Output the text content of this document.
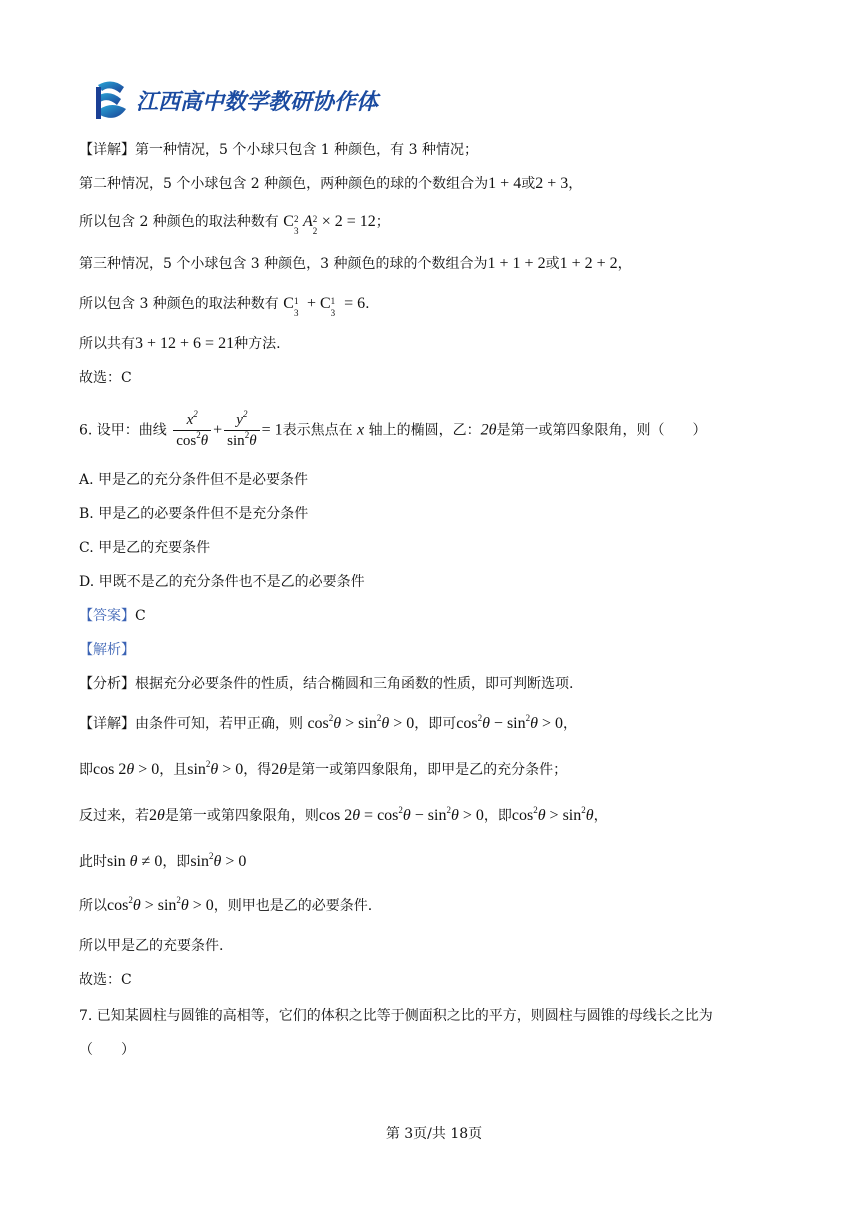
江西高中数学教研协作体
【详解】第一种情况，5 个小球只包含 1 种颜色，有 3 种情况；
第二种情况，5 个小球包含 2 种颜色，两种颜色的球的个数组合为1 + 4或2 + 3，
所以包含 2 种颜色的取法种数有 C 2
3
A 2
2
× 2 = 12；
第三种情况，5 个小球包含 3 种颜色，3 种颜色的球的个数组合为1 + 1 + 2或1 + 2 + 2，
所以包含 3 种颜色的取法种数有 C 1
3
+ C 1
3
= 6.
所以共有3 + 12 + 6 = 21种方法.
故选：C
6. 设甲：曲线 $\frac{x^2}{\cos^2\theta} + \frac{y^2}{\sin^2\theta} = 1$表示焦点在 x 轴上的椭圆，乙：2θ是第一或第四象限角，则（　　）
A. 甲是乙的充分条件但不是必要条件
B. 甲是乙的必要条件但不是充分条件
C. 甲是乙的充要条件
D. 甲既不是乙的充分条件也不是乙的必要条件
【答案】C
【解析】
【分析】根据充分必要条件的性质，结合椭圆和三角函数的性质，即可判断选项.
【详解】由条件可知，若甲正确，则 $\cos^2\theta > \sin^2\theta > 0$，即可$\cos^2\theta - \sin^2\theta > 0$，
即cos 2θ > 0，且$\sin^2\theta > 0$，得2θ是第一或第四象限角，即甲是乙的充分条件；
反过来，若2θ是第一或第四象限角，则$\cos 2\theta = \cos^2\theta - \sin^2\theta > 0$，即$\cos^2\theta > \sin^2\theta$，
此时sin θ ≠ 0，即$\sin^2\theta > 0$
所以$\cos^2\theta > \sin^2\theta > 0$，则甲也是乙的必要条件.
所以甲是乙的充要条件.
故选：C
7. 已知某圆柱与圆锥的高相等，它们的体积之比等于侧面积之比的平方，则圆柱与圆锥的母线长之比为
（　　）
第 3页/共 18页
